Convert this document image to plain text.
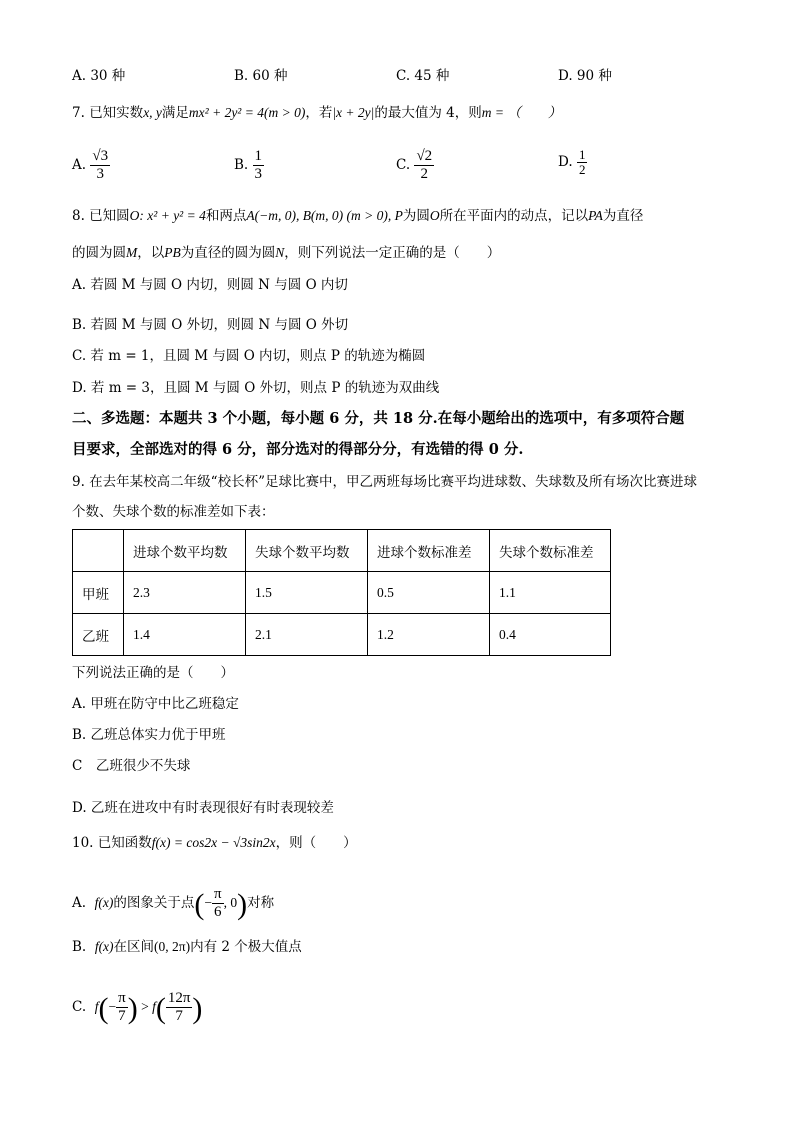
A. 30 种	B. 60 种	C. 45 种	D. 90 种
7. 已知实数x, y满足mx² + 2y² = 4(m > 0)，若|x + 2y|的最大值为 4，则m = （　　）
A. $\frac{√3}{3}$	B. $\frac{1}{3}$	C. $\frac{√2}{2}$	D. $\frac{1}{2}$
8. 已知圆O: x² + y² = 4和两点A(−m, 0), B(m, 0) (m > 0), P为圆O所在平面内的动点，记以PA为直径
的圆为圆M，以PB为直径的圆为圆N，则下列说法一定正确的是（　　）
A. 若圆 M 与圆 O 内切，则圆 N 与圆 O 内切
B. 若圆 M 与圆 O 外切，则圆 N 与圆 O 外切
C. 若 m = 1，且圆 M 与圆 O 内切，则点 P 的轨迹为椭圆
D. 若 m = 3，且圆 M 与圆 O 外切，则点 P 的轨迹为双曲线
二、多选题：本题共 3 个小题，每小题 6 分，共 18 分.在每小题给出的选项中，有多项符合题
目要求，全部选对的得 6 分，部分选对的得部分分，有选错的得 0 分.
9. 在去年某校高二年级“校长杯”足球比赛中，甲乙两班每场比赛平均进球数、失球数及所有场次比赛进球
个数、失球个数的标准差如下表：
	进球个数平均数	失球个数平均数	进球个数标准差	失球个数标准差
甲班	2.3	1.5	0.5	1.1
乙班	1.4	2.1	1.2	0.4
下列说法正确的是（　　）
A. 甲班在防守中比乙班稳定
B. 乙班总体实力优于甲班
C　乙班很少不失球
D. 乙班在进攻中有时表现很好有时表现较差
10. 已知函数f(x) = cos2x − √3sin2x，则（　　）
A. f(x)的图象关于点(− $\frac{\pi}{6}$ , 0)对称
B. f(x)在区间(0, 2π)内有 2 个极大值点
C. $f(- \frac{\pi}{7}$ ) > $f( \frac{12\pi}{7}$ )
